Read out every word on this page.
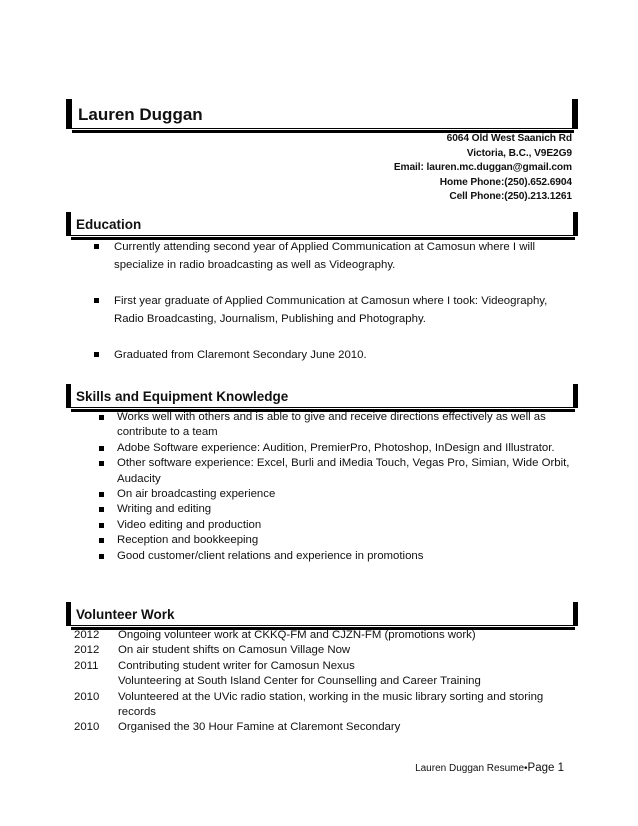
Lauren Duggan
6064 Old West Saanich Rd
Victoria, B.C., V9E2G9
Email: lauren.mc.duggan@gmail.com
Home Phone:(250).652.6904
Cell Phone:(250).213.1261
Education
Currently attending second year of Applied Communication at Camosun where I will specialize in radio broadcasting as well as Videography.
First year graduate of Applied Communication at Camosun where I took: Videography, Radio Broadcasting, Journalism, Publishing and Photography.
Graduated from Claremont Secondary June 2010.
Skills and Equipment Knowledge
Works well with others and is able to give and receive directions effectively as well as contribute to a team
Adobe Software experience: Audition, PremierPro, Photoshop, InDesign and Illustrator.
Other software experience: Excel, Burli and iMedia Touch, Vegas Pro, Simian, Wide Orbit, Audacity
On air broadcasting experience
Writing and editing
Video editing and production
Reception and bookkeeping
Good customer/client relations and experience in promotions
Volunteer Work
2012	Ongoing volunteer work at CKKQ-FM and CJZN-FM (promotions work)
2012	On air student shifts on Camosun Village Now
2011	Contributing student writer for Camosun Nexus
Volunteering at South Island Center for Counselling and Career Training
2010	Volunteered at the UVic radio station, working in the music library sorting and storing records
2010	Organised the 30 Hour Famine at Claremont Secondary
Lauren Duggan Resume•Page 1
